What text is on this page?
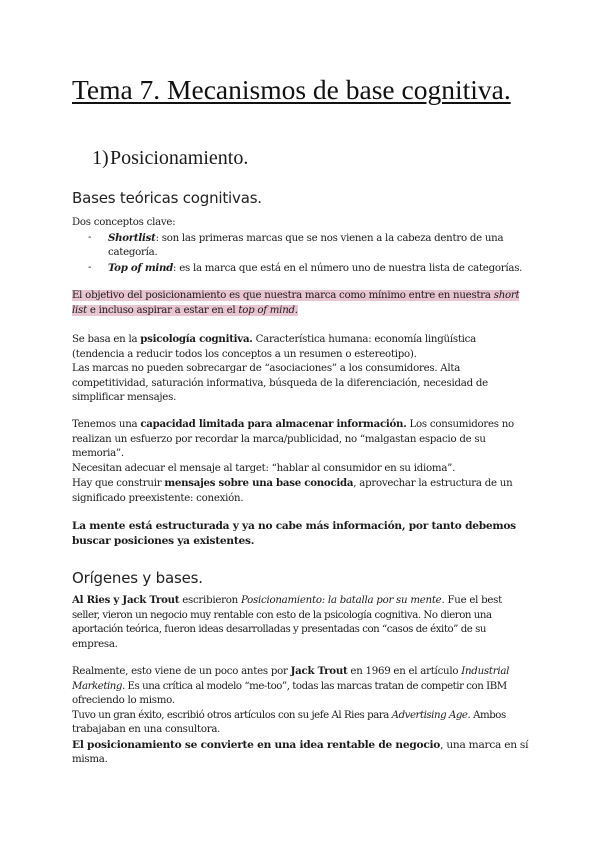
Tema 7. Mecanismos de base cognitiva.
1)Posicionamiento.
Bases teóricas cognitivas.
Dos conceptos clave:
- Shortlist: son las primeras marcas que se nos vienen a la cabeza dentro de una
categoría.
- Top of mind: es la marca que está en el número uno de nuestra lista de categorías.
El objetivo del posicionamiento es que nuestra marca como mínimo entre en nuestra short
list e incluso aspirar a estar en el top of mind.
Se basa en la psicología cognitiva. Característica humana: economía lingüística
(tendencia a reducir todos los conceptos a un resumen o estereotipo).
Las marcas no pueden sobrecargar de “asociaciones” a los consumidores. Alta
competitividad, saturación informativa, búsqueda de la diferenciación, necesidad de
simplificar mensajes.
Tenemos una capacidad limitada para almacenar información. Los consumidores no
realizan un esfuerzo por recordar la marca/publicidad, no “malgastan espacio de su
memoria”.
Necesitan adecuar el mensaje al target: “hablar al consumidor en su idioma”.
Hay que construir mensajes sobre una base conocida, aprovechar la estructura de un
significado preexistente: conexión.
La mente está estructurada y ya no cabe más información, por tanto debemos
buscar posiciones ya existentes.
Orígenes y bases.
Al Ries y Jack Trout escribieron Posicionamiento: la batalla por su mente. Fue el best
seller, vieron un negocio muy rentable con esto de la psicología cognitiva. No dieron una
aportación teórica, fueron ideas desarrolladas y presentadas con “casos de éxito” de su
empresa.
Realmente, esto viene de un poco antes por Jack Trout en 1969 en el artículo Industrial
Marketing. Es una crítica al modelo “me-too”, todas las marcas tratan de competir con IBM
ofreciendo lo mismo.
Tuvo un gran éxito, escribió otros artículos con su jefe Al Ries para Advertising Age. Ambos
trabajaban en una consultora.
El posicionamiento se convierte en una idea rentable de negocio, una marca en sí
misma.
